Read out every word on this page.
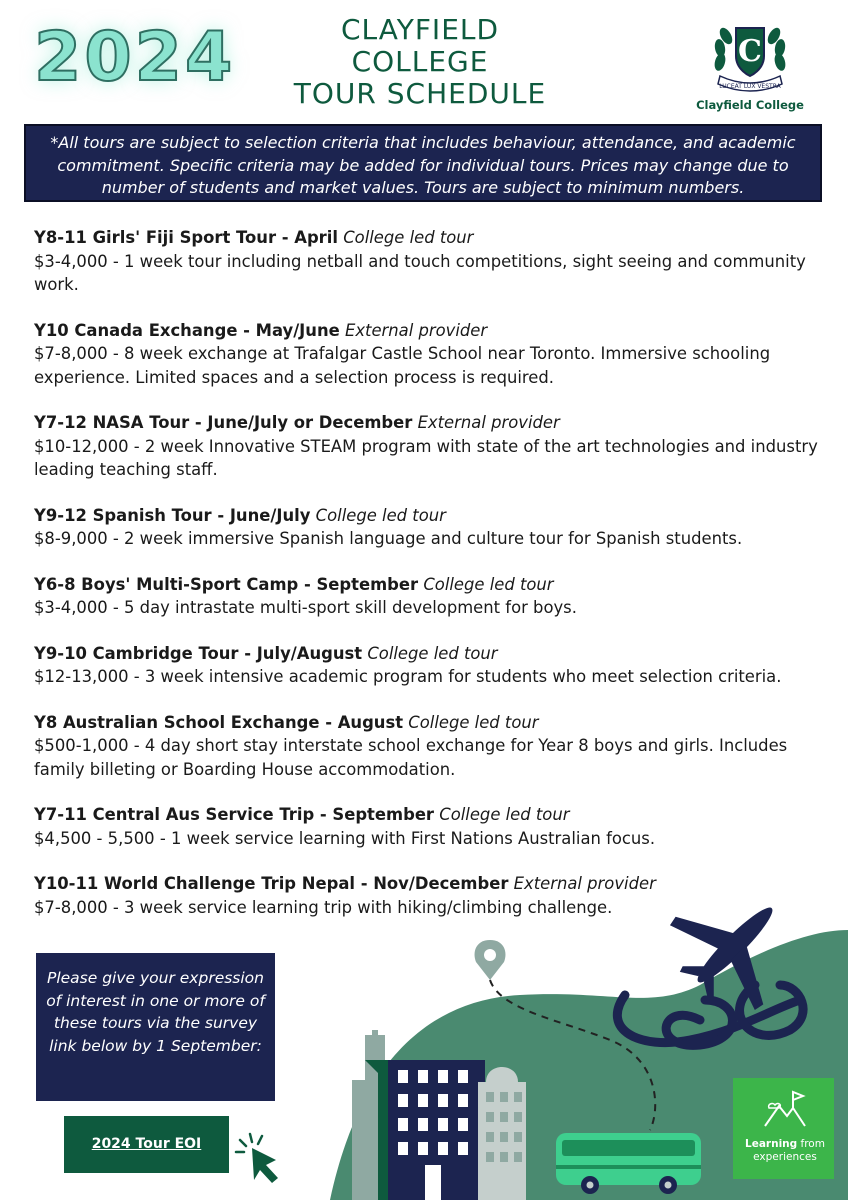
2024	CLAYFIELD
COLLEGE
TOUR SCHEDULE
C
LUCEAT LUX VESTRA
Clayfield College
*All tours are subject to selection criteria that includes behaviour, attendance, and academic commitment. Specific criteria may be added for individual tours. Prices may change due to number of students and market values. Tours are subject to minimum numbers.
Y8-11 Girls' Fiji Sport Tour - April College led tour
$3-4,000 - 1 week tour including netball and touch competitions, sight seeing and community work.
Y10 Canada Exchange - May/June External provider
$7-8,000 - 8 week exchange at Trafalgar Castle School near Toronto. Immersive schooling experience. Limited spaces and a selection process is required.
Y7-12 NASA Tour - June/July or December External provider
$10-12,000 - 2 week Innovative STEAM program with state of the art technologies and industry leading teaching staff.
Y9-12 Spanish Tour - June/July College led tour
$8-9,000 - 2 week immersive Spanish language and culture tour for Spanish students.
Y6-8 Boys' Multi-Sport Camp - September College led tour
$3-4,000 - 5 day intrastate multi-sport skill development for boys.
Y9-10 Cambridge Tour - July/August College led tour
$12-13,000 - 3 week intensive academic program for students who meet selection criteria.
Y8 Australian School Exchange - August College led tour
$500-1,000 - 4 day short stay interstate school exchange for Year 8 boys and girls. Includes family billeting or Boarding House accommodation.
Y7-11 Central Aus Service Trip - September College led tour
$4,500 - 5,500 - 1 week service learning with First Nations Australian focus.
Y10-11 World Challenge Trip Nepal - Nov/December External provider
$7-8,000 - 3 week service learning trip with hiking/climbing challenge.
Please give your expression of interest in one or more of these tours via the survey link below by 1 September:
2024 Tour EOI	Learning from experiences
